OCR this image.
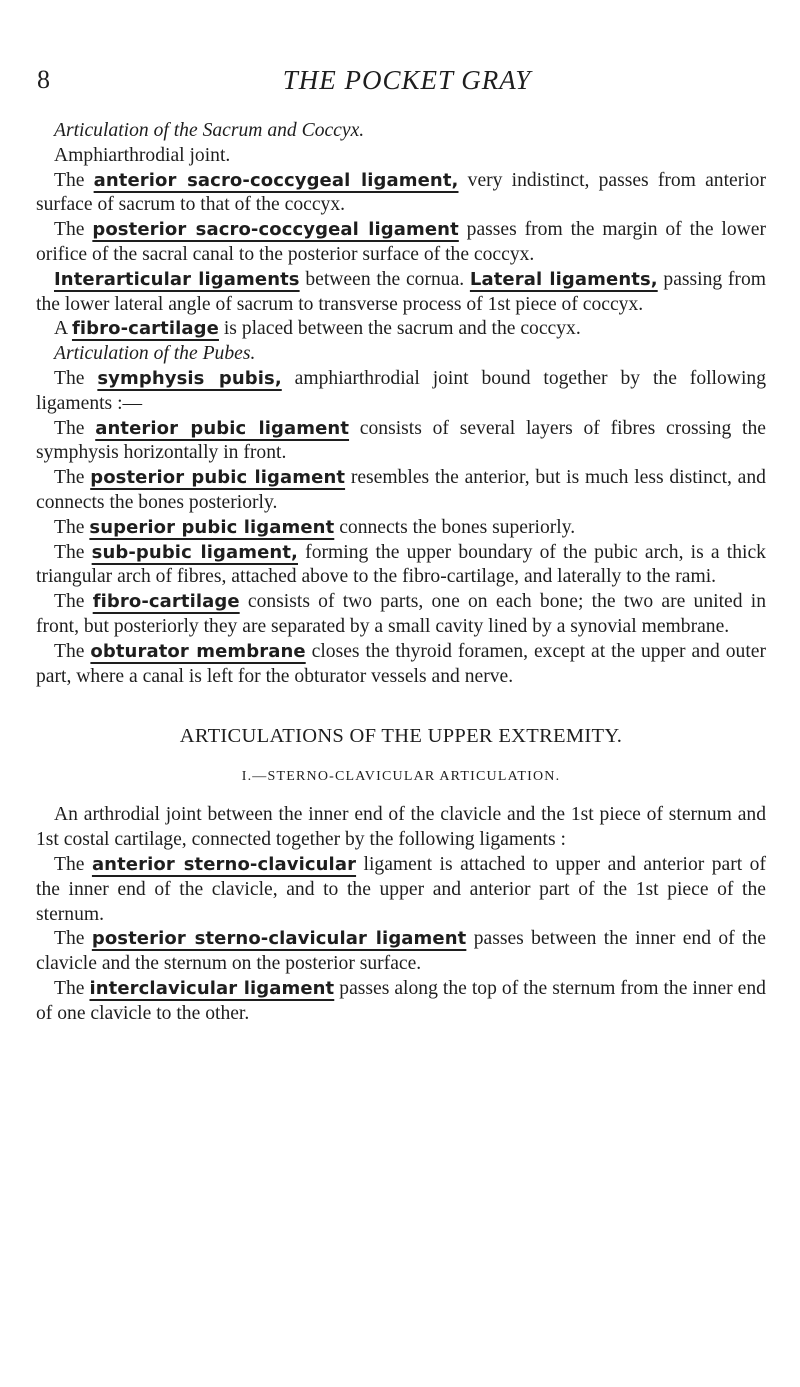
8	THE POCKET GRAY

Articulation of the Sacrum and Coccyx.

Amphiarthrodial joint.

The anterior sacro-coccygeal ligament, very indistinct, passes from anterior surface of sacrum to that of the coccyx.

The posterior sacro-coccygeal ligament passes from the margin of the lower orifice of the sacral canal to the posterior surface of the coccyx.

Interarticular ligaments between the cornua. Lateral ligaments, passing from the lower lateral angle of sacrum to transverse process of 1st piece of coccyx.

A fibro-cartilage is placed between the sacrum and the coccyx.

Articulation of the Pubes.

The symphysis pubis, amphiarthrodial joint bound together by the following ligaments :—

The anterior pubic ligament consists of several layers of fibres crossing the symphysis horizontally in front.

The posterior pubic ligament resembles the anterior, but is much less distinct, and connects the bones posteriorly.

The superior pubic ligament connects the bones superiorly.

The sub-pubic ligament, forming the upper boundary of the pubic arch, is a thick triangular arch of fibres, attached above to the fibro-cartilage, and laterally to the rami.

The fibro-cartilage consists of two parts, one on each bone; the two are united in front, but posteriorly they are separated by a small cavity lined by a synovial membrane.

The obturator membrane closes the thyroid foramen, except at the upper and outer part, where a canal is left for the obturator vessels and nerve.

ARTICULATIONS OF THE UPPER EXTREMITY.
I.—STERNO-CLAVICULAR ARTICULATION.

An arthrodial joint between the inner end of the clavicle and the 1st piece of sternum and 1st costal cartilage, connected together by the following ligaments :

The anterior sterno-clavicular ligament is attached to upper and anterior part of the inner end of the clavicle, and to the upper and anterior part of the 1st piece of the sternum.

The posterior sterno-clavicular ligament passes between the inner end of the clavicle and the sternum on the posterior surface.

The interclavicular ligament passes along the top of the sternum from the inner end of one clavicle to the other.
